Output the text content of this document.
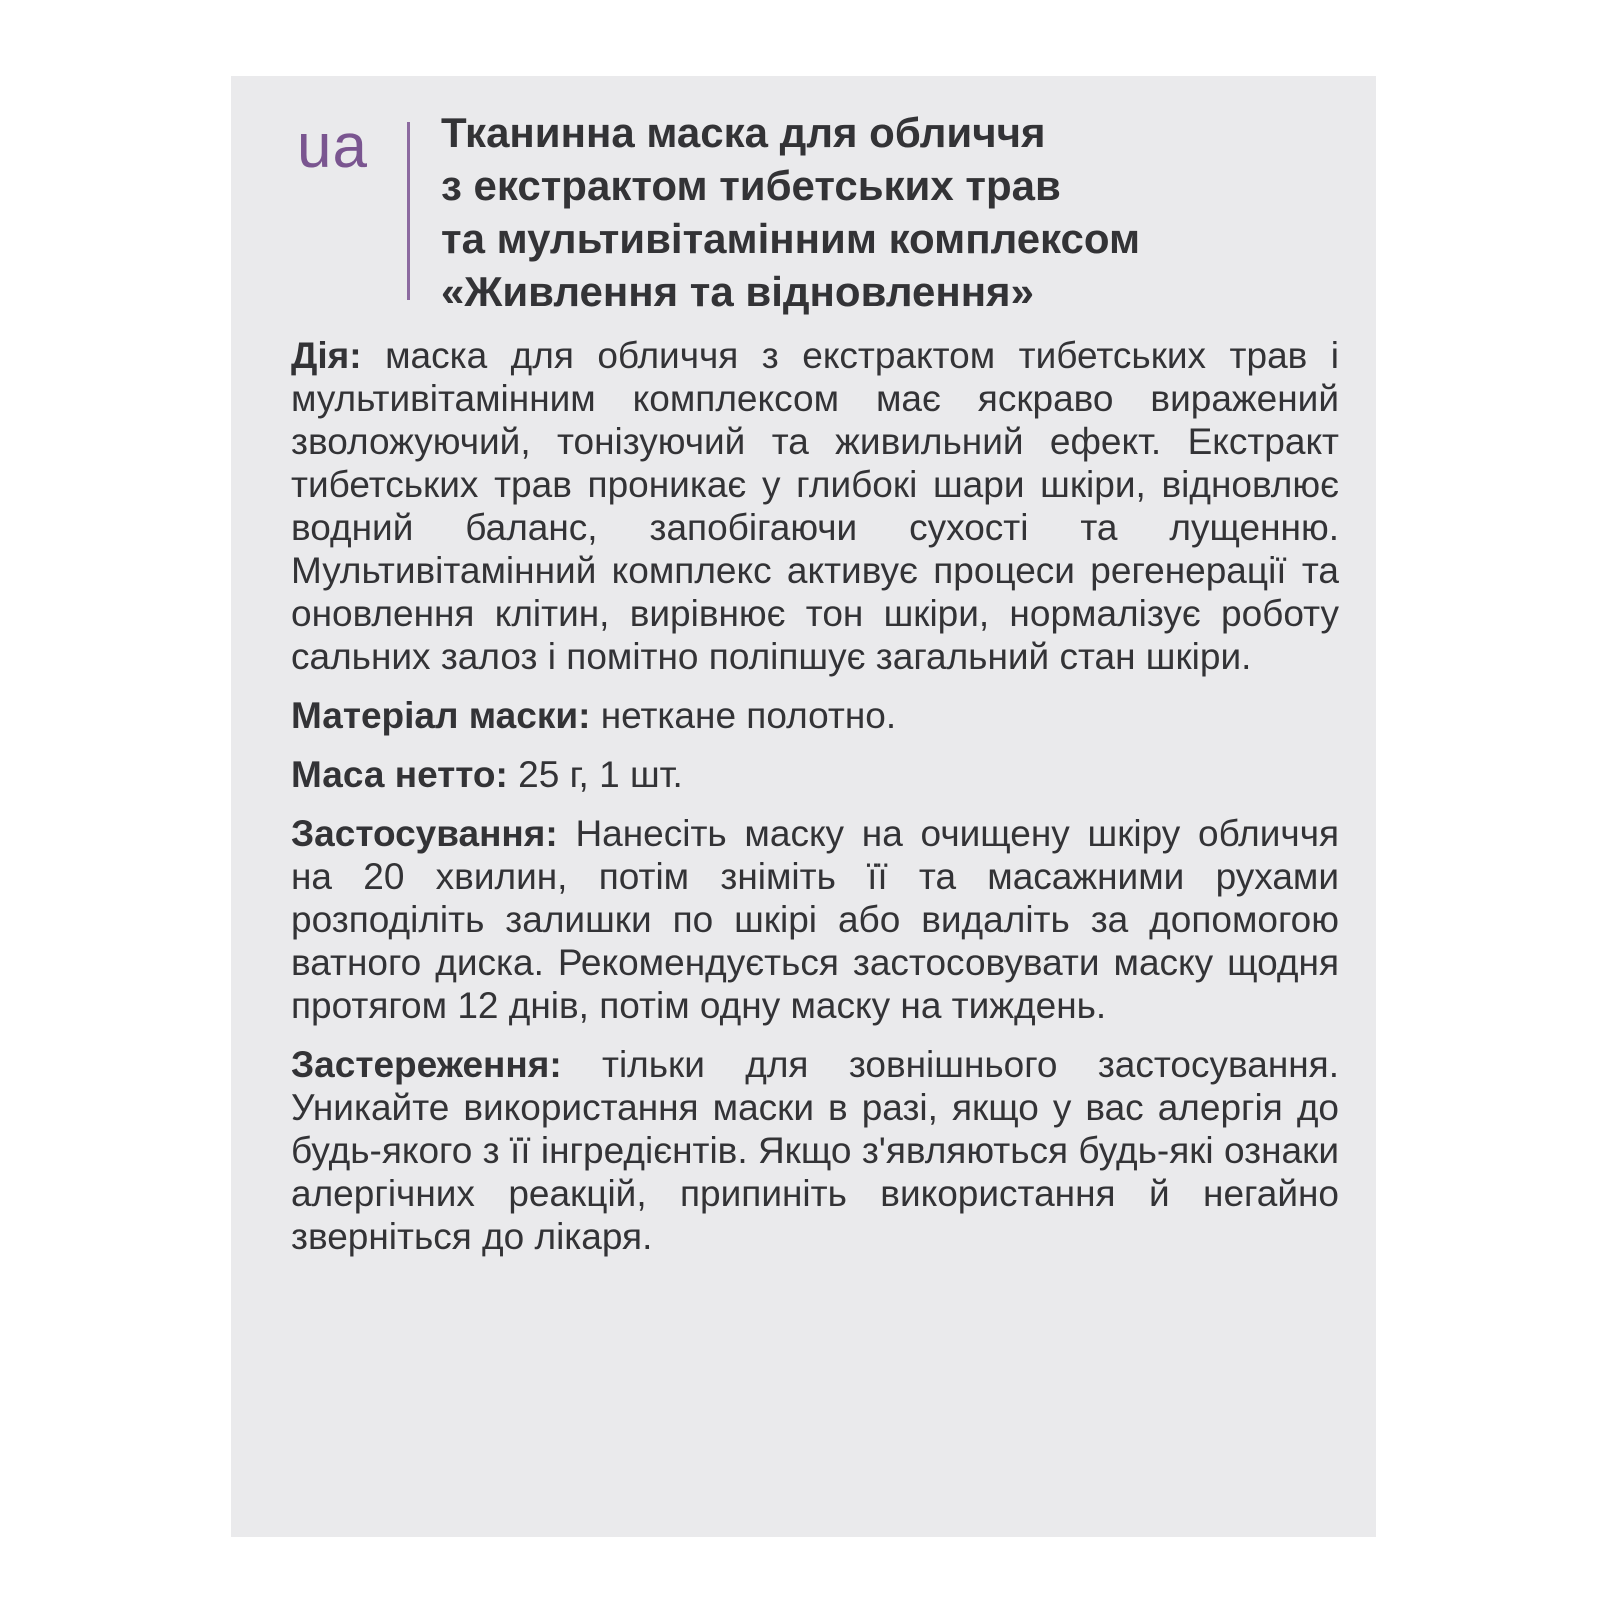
ua Тканинна маска для обличчя
з екстрактом тибетських трав
та мультивітамінним комплексом
«Живлення та відновлення»

Дія: маска для обличчя з екстрактом тибетських трав і мультивітамінним комплексом має яскраво виражений зволожуючий, тонізуючий та живильний ефект. Екстракт тибетських трав проникає у глибокі шари шкіри, відновлює водний баланс, запобігаючи сухості та лущенню. Мультивітамінний комплекс активує процеси регенерації та оновлення клітин, вирівнює тон шкіри, нормалізує роботу сальних залоз і помітно поліпшує загальний стан шкіри.

Матеріал маски: неткане полотно.

Маса нетто: 25 г, 1 шт.

Застосування: Нанесіть маску на очищену шкіру обличчя на 20 хвилин, потім зніміть її та масажними рухами розподіліть залишки по шкірі або видаліть за допомогою ватного диска. Рекомендується застосовувати маску щодня протягом 12 днів, потім одну маску на тиждень.

Застереження: тільки для зовнішнього застосування. Уникайте використання маски в разі, якщо у вас алергія до будь-якого з її інгредієнтів. Якщо з'являються будь-які ознаки алергічних реакцій, припиніть використання й негайно зверніться до лікаря.
